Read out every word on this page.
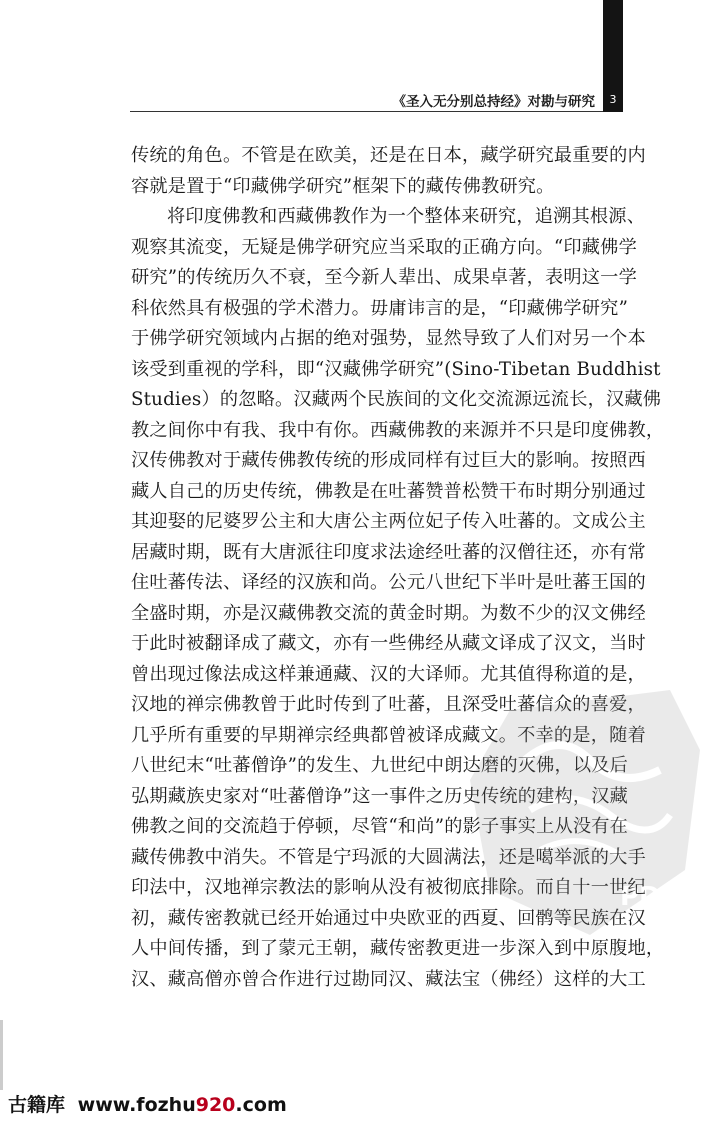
《圣入无分别总持经》对勘与研究	3
传统的角色。不管是在欧美，还是在日本，藏学研究最重要的内
容就是置于“印藏佛学研究”框架下的藏传佛教研究。
将印度佛教和西藏佛教作为一个整体来研究，追溯其根源、
观察其流变，无疑是佛学研究应当采取的正确方向。“印藏佛学
研究”的传统历久不衰，至今新人辈出、成果卓著，表明这一学
科依然具有极强的学术潜力。毋庸讳言的是，“印藏佛学研究”
于佛学研究领域内占据的绝对强势，显然导致了人们对另一个本
该受到重视的学科，即“汉藏佛学研究”(Sino-Tibetan Buddhist
Studies）的忽略。汉藏两个民族间的文化交流源远流长，汉藏佛
教之间你中有我、我中有你。西藏佛教的来源并不只是印度佛教，
汉传佛教对于藏传佛教传统的形成同样有过巨大的影响。按照西
藏人自己的历史传统，佛教是在吐蕃赞普松赞干布时期分别通过
其迎娶的尼婆罗公主和大唐公主两位妃子传入吐蕃的。文成公主
居藏时期，既有大唐派往印度求法途经吐蕃的汉僧往还，亦有常
住吐蕃传法、译经的汉族和尚。公元八世纪下半叶是吐蕃王国的
全盛时期，亦是汉藏佛教交流的黄金时期。为数不少的汉文佛经
于此时被翻译成了藏文，亦有一些佛经从藏文译成了汉文，当时
曾出现过像法成这样兼通藏、汉的大译师。尤其值得称道的是，
汉地的禅宗佛教曾于此时传到了吐蕃，且深受吐蕃信众的喜爱，
几乎所有重要的早期禅宗经典都曾被译成藏文。不幸的是，随着
八世纪末“吐蕃僧诤”的发生、九世纪中朗达磨的灭佛，以及后
弘期藏族史家对“吐蕃僧诤”这一事件之历史传统的建构，汉藏
佛教之间的交流趋于停顿，尽管“和尚”的影子事实上从没有在
藏传佛教中消失。不管是宁玛派的大圆满法，还是噶举派的大手
印法中，汉地禅宗教法的影响从没有被彻底排除。而自十一世纪
初，藏传密教就已经开始通过中央欧亚的西夏、回鹘等民族在汉
人中间传播，到了蒙元王朝，藏传密教更进一步深入到中原腹地，
汉、藏高僧亦曾合作进行过勘同汉、藏法宝（佛经）这样的大工
PDG
古籍库 www.fozhu920.com
